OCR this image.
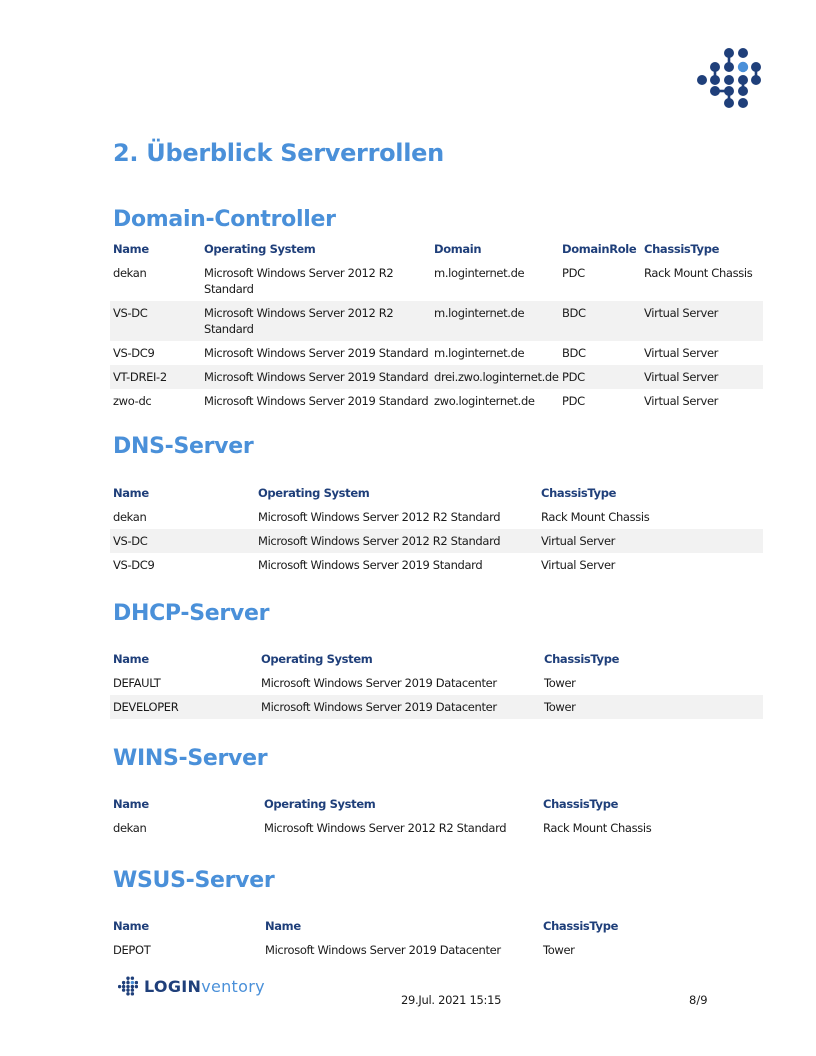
2. Überblick Serverrollen
Domain-Controller
Name	Operating System	Domain	DomainRole	ChassisType
dekan	Microsoft Windows Server 2012 R2 Standard	m.loginternet.de	PDC	Rack Mount Chassis
VS-DC	Microsoft Windows Server 2012 R2 Standard	m.loginternet.de	BDC	Virtual Server
VS-DC9	Microsoft Windows Server 2019 Standard	m.loginternet.de	BDC	Virtual Server
VT-DREI-2	Microsoft Windows Server 2019 Standard	drei.zwo.loginternet.de	PDC	Virtual Server
zwo-dc	Microsoft Windows Server 2019 Standard	zwo.loginternet.de	PDC	Virtual Server
DNS-Server
Name	Operating System	ChassisType
dekan	Microsoft Windows Server 2012 R2 Standard	Rack Mount Chassis
VS-DC	Microsoft Windows Server 2012 R2 Standard	Virtual Server
VS-DC9	Microsoft Windows Server 2019 Standard	Virtual Server
DHCP-Server
Name	Operating System	ChassisType
DEFAULT	Microsoft Windows Server 2019 Datacenter	Tower
DEVELOPER	Microsoft Windows Server 2019 Datacenter	Tower
WINS-Server
Name	Operating System	ChassisType
dekan	Microsoft Windows Server 2012 R2 Standard	Rack Mount Chassis
WSUS-Server
Name	Name	ChassisType
DEPOT	Microsoft Windows Server 2019 Datacenter	Tower
LOGINventory
29.Jul. 2021 15:15	8/9
